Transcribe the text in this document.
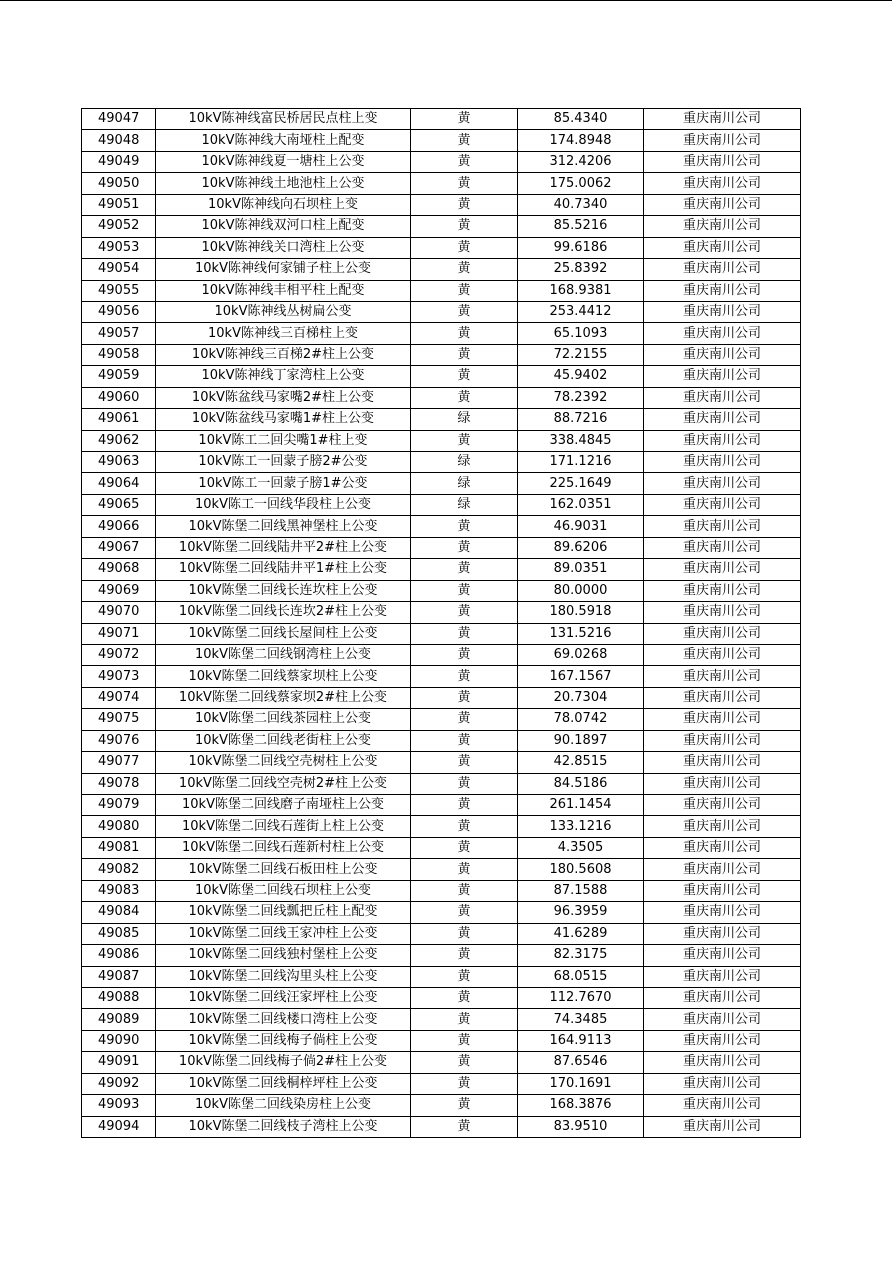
49047	10kV陈神线富民桥居民点柱上变	黄	85.4340	重庆南川公司
49048	10kV陈神线大南垭柱上配变	黄	174.8948	重庆南川公司
49049	10kV陈神线夏一塘柱上公变	黄	312.4206	重庆南川公司
49050	10kV陈神线土地池柱上公变	黄	175.0062	重庆南川公司
49051	10kV陈神线向石坝柱上变	黄	40.7340	重庆南川公司
49052	10kV陈神线双河口柱上配变	黄	85.5216	重庆南川公司
49053	10kV陈神线关口湾柱上公变	黄	99.6186	重庆南川公司
49054	10kV陈神线何家铺子柱上公变	黄	25.8392	重庆南川公司
49055	10kV陈神线丰相平柱上配变	黄	168.9381	重庆南川公司
49056	10kV陈神线丛树扁公变	黄	253.4412	重庆南川公司
49057	10kV陈神线三百梯柱上变	黄	65.1093	重庆南川公司
49058	10kV陈神线三百梯2#柱上公变	黄	72.2155	重庆南川公司
49059	10kV陈神线丁家湾柱上公变	黄	45.9402	重庆南川公司
49060	10kV陈盆线马家嘴2#柱上公变	黄	78.2392	重庆南川公司
49061	10kV陈盆线马家嘴1#柱上公变	绿	88.7216	重庆南川公司
49062	10kV陈工二回尖嘴1#柱上变	黄	338.4845	重庆南川公司
49063	10kV陈工一回蒙子膀2#公变	绿	171.1216	重庆南川公司
49064	10kV陈工一回蒙子膀1#公变	绿	225.1649	重庆南川公司
49065	10kV陈工一回线华段柱上公变	绿	162.0351	重庆南川公司
49066	10kV陈堡二回线黑神堡柱上公变	黄	46.9031	重庆南川公司
49067	10kV陈堡二回线陆井平2#柱上公变	黄	89.6206	重庆南川公司
49068	10kV陈堡二回线陆井平1#柱上公变	黄	89.0351	重庆南川公司
49069	10kV陈堡二回线长连坎柱上公变	黄	80.0000	重庆南川公司
49070	10kV陈堡二回线长连坎2#柱上公变	黄	180.5918	重庆南川公司
49071	10kV陈堡二回线长屋间柱上公变	黄	131.5216	重庆南川公司
49072	10kV陈堡二回线钢湾柱上公变	黄	69.0268	重庆南川公司
49073	10kV陈堡二回线蔡家坝柱上公变	黄	167.1567	重庆南川公司
49074	10kV陈堡二回线蔡家坝2#柱上公变	黄	20.7304	重庆南川公司
49075	10kV陈堡二回线茶园柱上公变	黄	78.0742	重庆南川公司
49076	10kV陈堡二回线老街柱上公变	黄	90.1897	重庆南川公司
49077	10kV陈堡二回线空壳树柱上公变	黄	42.8515	重庆南川公司
49078	10kV陈堡二回线空壳树2#柱上公变	黄	84.5186	重庆南川公司
49079	10kV陈堡二回线磨子南垭柱上公变	黄	261.1454	重庆南川公司
49080	10kV陈堡二回线石莲街上柱上公变	黄	133.1216	重庆南川公司
49081	10kV陈堡二回线石莲新村柱上公变	黄	4.3505	重庆南川公司
49082	10kV陈堡二回线石板田柱上公变	黄	180.5608	重庆南川公司
49083	10kV陈堡二回线石坝柱上公变	黄	87.1588	重庆南川公司
49084	10kV陈堡二回线瓢把丘柱上配变	黄	96.3959	重庆南川公司
49085	10kV陈堡二回线王家冲柱上公变	黄	41.6289	重庆南川公司
49086	10kV陈堡二回线独村堡柱上公变	黄	82.3175	重庆南川公司
49087	10kV陈堡二回线沟里头柱上公变	黄	68.0515	重庆南川公司
49088	10kV陈堡二回线汪家坪柱上公变	黄	112.7670	重庆南川公司
49089	10kV陈堡二回线楼口湾柱上公变	黄	74.3485	重庆南川公司
49090	10kV陈堡二回线梅子倘柱上公变	黄	164.9113	重庆南川公司
49091	10kV陈堡二回线梅子倘2#柱上公变	黄	87.6546	重庆南川公司
49092	10kV陈堡二回线桐梓坪柱上公变	黄	170.1691	重庆南川公司
49093	10kV陈堡二回线染房柱上公变	黄	168.3876	重庆南川公司
49094	10kV陈堡二回线枝子湾柱上公变	黄	83.9510	重庆南川公司
